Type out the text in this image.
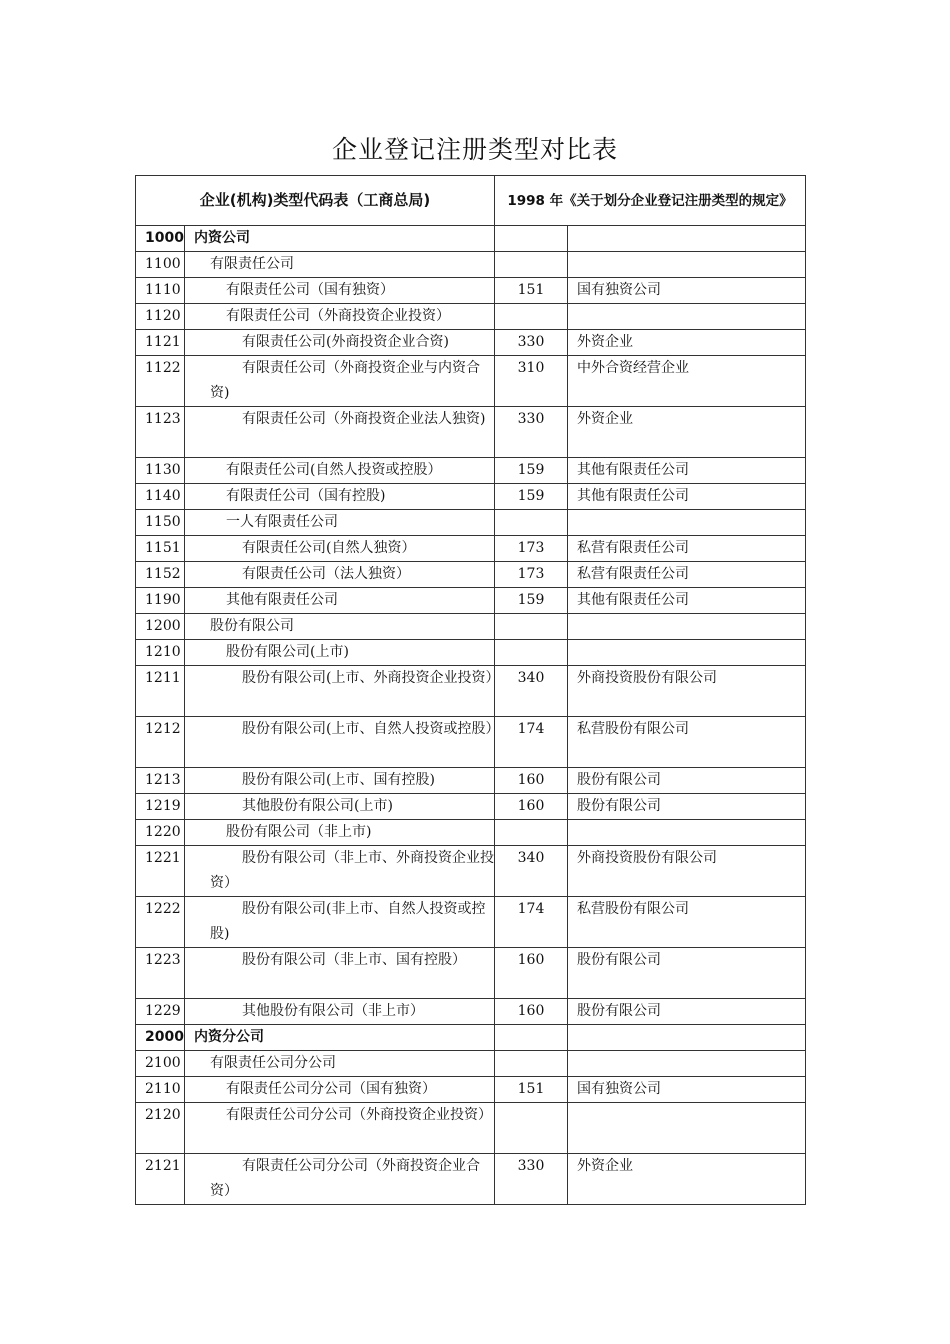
企业登记注册类型对比表
企业(机构)类型代码表（工商总局)		1998 年《关于划分企业登记注册类型的规定》	
1000	内资公司		
1100	有限责任公司		
1110	有限责任公司（国有独资）	151	国有独资公司
1120	有限责任公司（外商投资企业投资）		
1121	有限责任公司(外商投资企业合资)	330	外资企业
1122	有限责任公司（外商投资企业与内资合资)	310	中外合资经营企业
1123	有限责任公司（外商投资企业法人独资)	330	外资企业
1130	有限责任公司(自然人投资或控股）	159	其他有限责任公司
1140	有限责任公司（国有控股)	159	其他有限责任公司
1150	一人有限责任公司		
1151	有限责任公司(自然人独资）	173	私营有限责任公司
1152	有限责任公司（法人独资）	173	私营有限责任公司
1190	其他有限责任公司	159	其他有限责任公司
1200	股份有限公司		
1210	股份有限公司(上市)		
1211	股份有限公司(上市、外商投资企业投资）	340	外商投资股份有限公司
1212	股份有限公司(上市、自然人投资或控股）	174	私营股份有限公司
1213	股份有限公司(上市、国有控股)	160	股份有限公司
1219	其他股份有限公司(上市)	160	股份有限公司
1220	股份有限公司（非上市)		
1221	股份有限公司（非上市、外商投资企业投资）	340	外商投资股份有限公司
1222	股份有限公司(非上市、自然人投资或控股)	174	私营股份有限公司
1223	股份有限公司（非上市、国有控股）	160	股份有限公司
1229	其他股份有限公司（非上市）	160	股份有限公司
2000	内资分公司		
2100	有限责任公司分公司		
2110	有限责任公司分公司（国有独资）	151	国有独资公司
2120	有限责任公司分公司（外商投资企业投资）		
2121	有限责任公司分公司（外商投资企业合资）	330	外资企业
